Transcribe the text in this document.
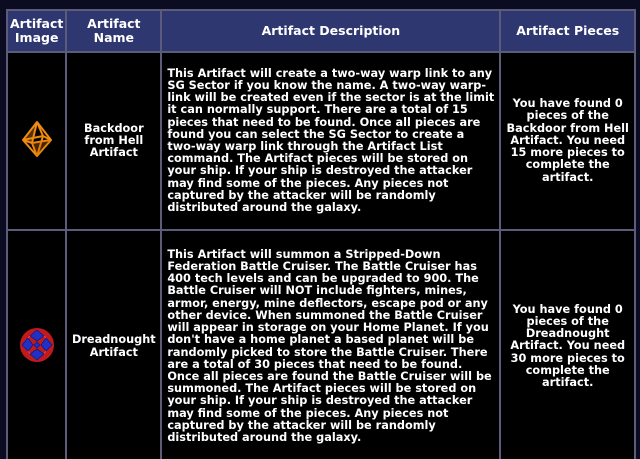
Artifact Image	Artifact Name	Artifact Description	Artifact Pieces
	Backdoor from Hell Artifact	This Artifact will create a two-way warp link to any SG Sector if you know the name. A two-way warp-link will be created even if the sector is at the limit it can normally support. There are a total of 15 pieces that need to be found. Once all pieces are found you can select the SG Sector to create a two-way warp link through the Artifact List command. The Artifact pieces will be stored on your ship. If your ship is destroyed the attacker may find some of the pieces. Any pieces not captured by the attacker will be randomly distributed around the galaxy.	You have found 0 pieces of the Backdoor from Hell Artifact. You need 15 more pieces to complete the artifact.
	Dreadnought Artifact	This Artifact will summon a Stripped-Down Federation Battle Cruiser. The Battle Cruiser has 400 tech levels and can be upgraded to 900. The Battle Cruiser will NOT include fighters, mines, armor, energy, mine deflectors, escape pod or any other device. When summoned the Battle Cruiser will appear in storage on your Home Planet. If you don't have a home planet a based planet will be randomly picked to store the Battle Cruiser. There are a total of 30 pieces that need to be found. Once all pieces are found the Battle Cruiser will be summoned. The Artifact pieces will be stored on your ship. If your ship is destroyed the attacker may find some of the pieces. Any pieces not captured by the attacker will be randomly distributed around the galaxy.	You have found 0 pieces of the Dreadnought Artifact. You need 30 more pieces to complete the artifact.
